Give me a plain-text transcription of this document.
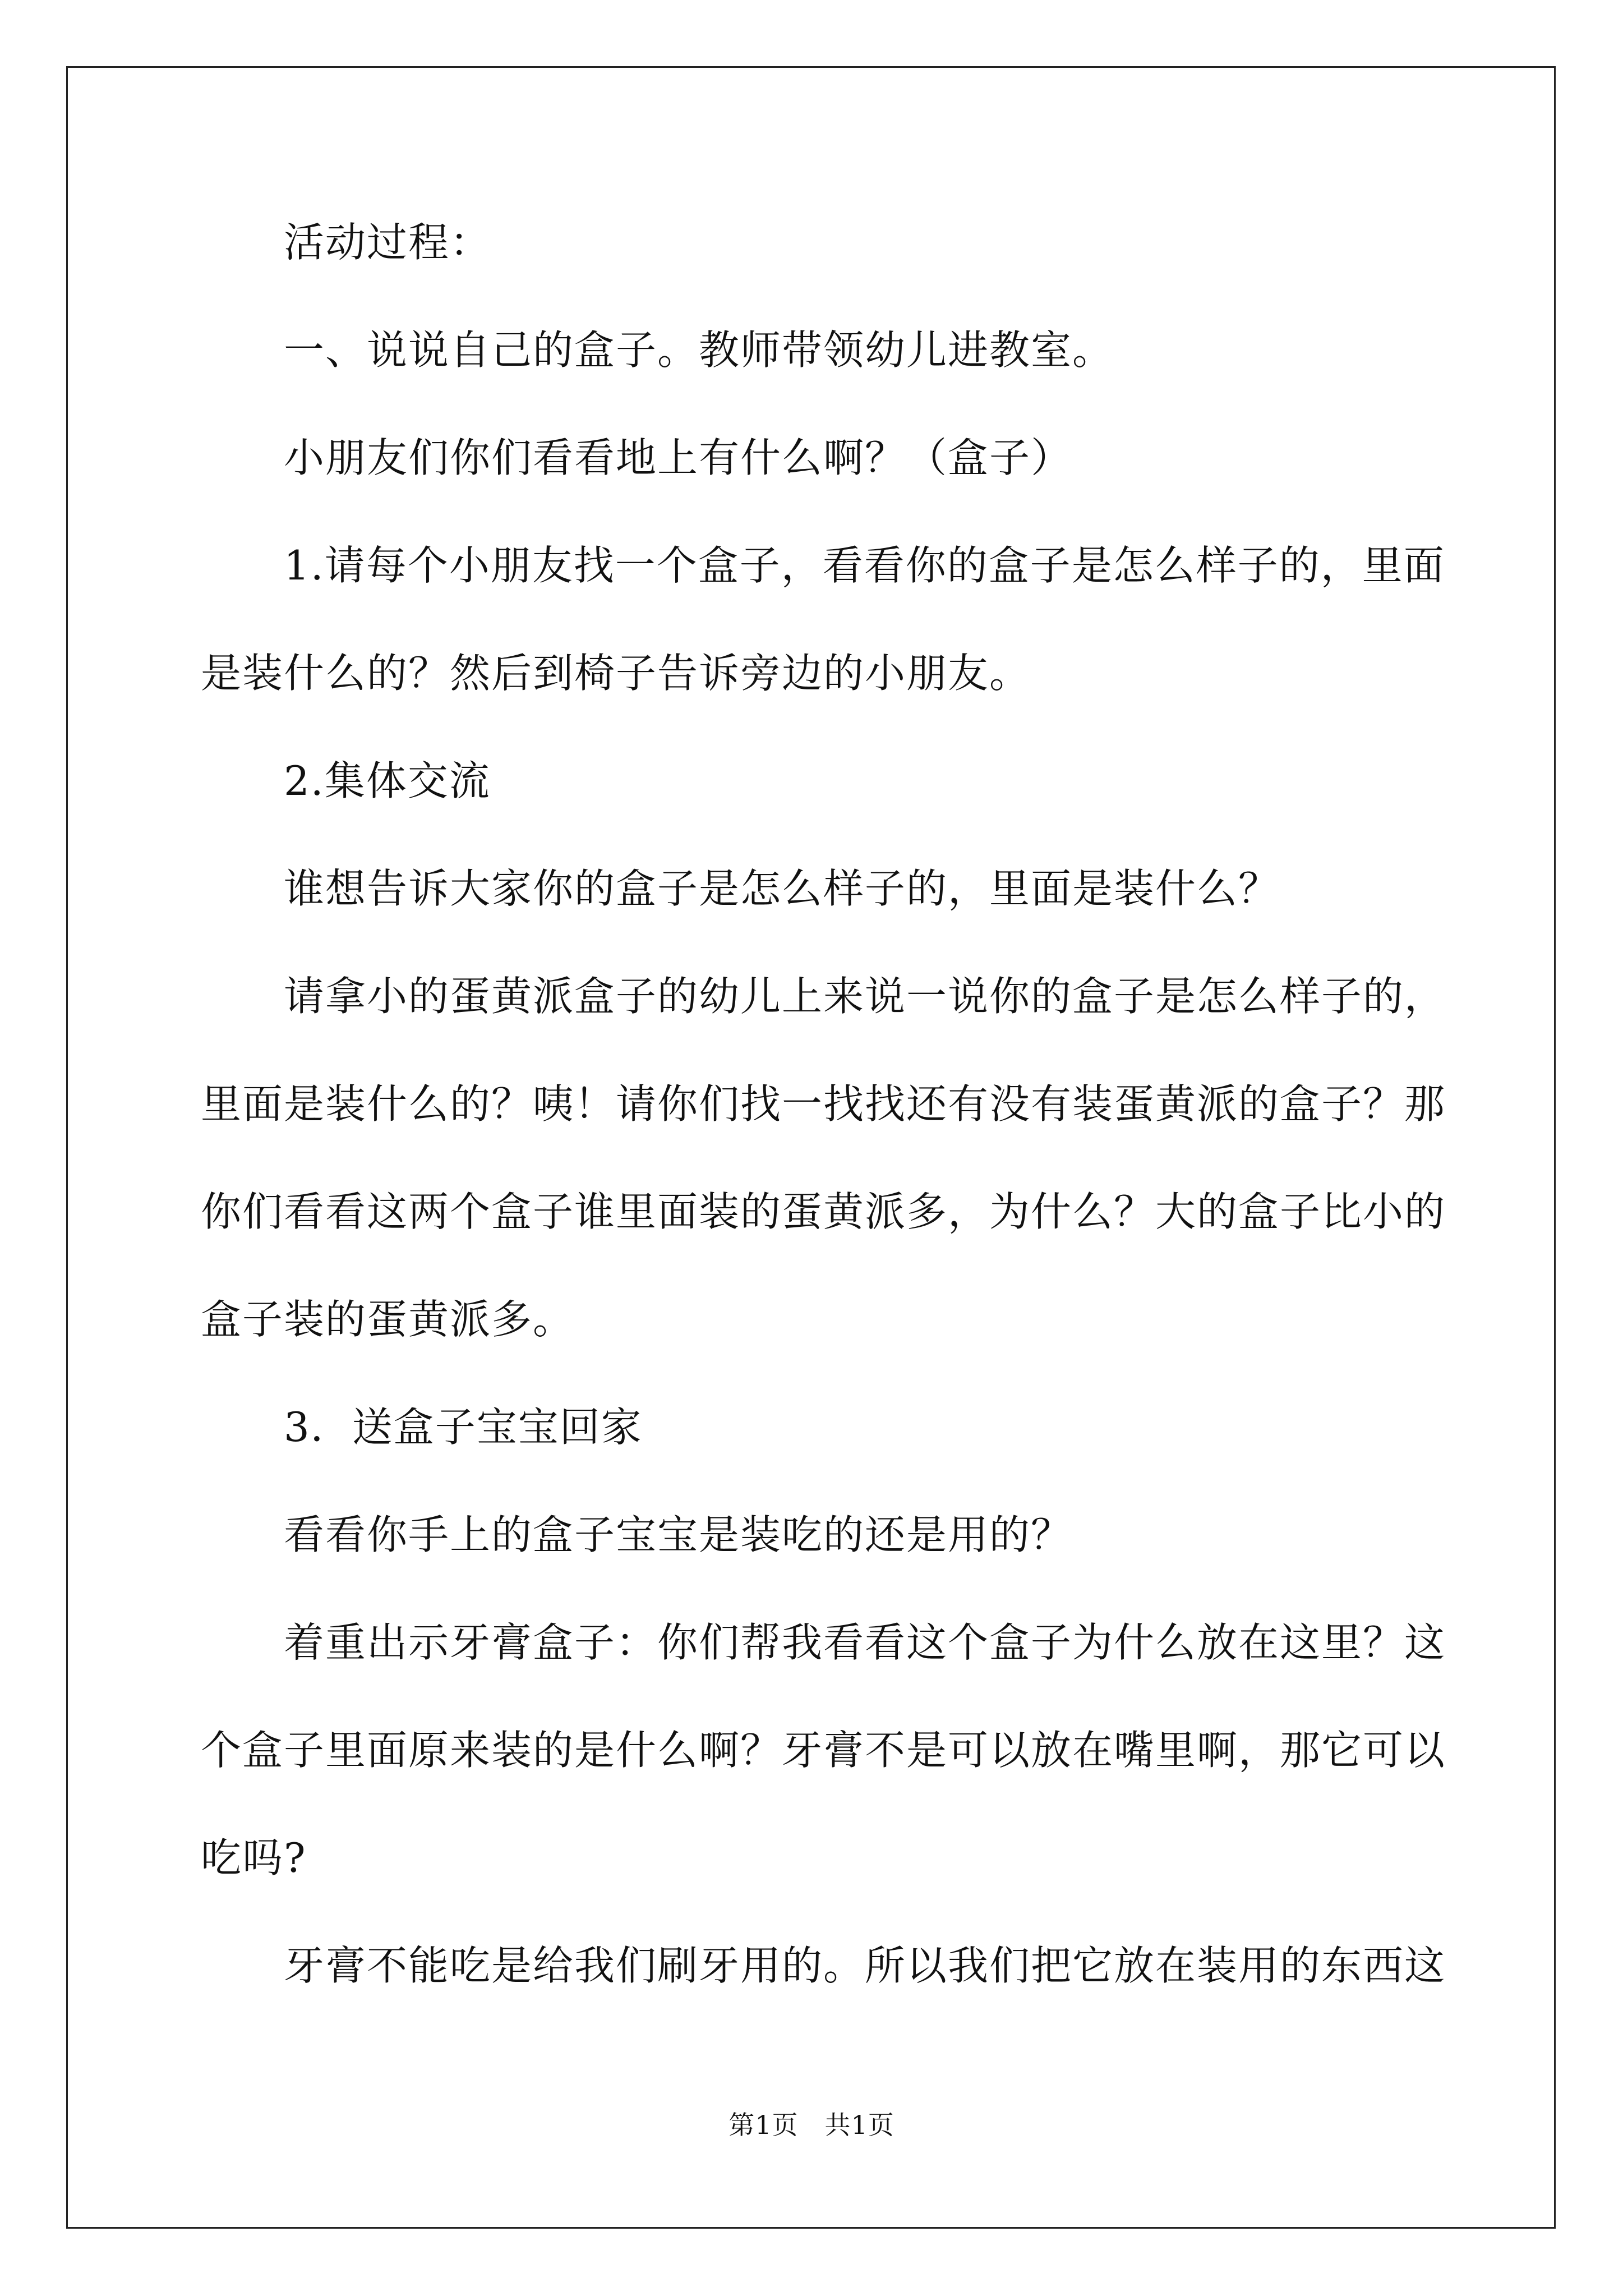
活动过程：
一、说说自己的盒子。教师带领幼儿进教室。
小朋友们你们看看地上有什么啊？（盒子）
1.请每个小朋友找一个盒子，看看你的盒子是怎么样子的，里面
是装什么的？然后到椅子告诉旁边的小朋友。
2.集体交流
谁想告诉大家你的盒子是怎么样子的，里面是装什么？
请拿小的蛋黄派盒子的幼儿上来说一说你的盒子是怎么样子的，
里面是装什么的？咦！请你们找一找找还有没有装蛋黄派的盒子？那
你们看看这两个盒子谁里面装的蛋黄派多，为什么？大的盒子比小的
盒子装的蛋黄派多。
3．送盒子宝宝回家
看看你手上的盒子宝宝是装吃的还是用的？
着重出示牙膏盒子：你们帮我看看这个盒子为什么放在这里？这
个盒子里面原来装的是什么啊？牙膏不是可以放在嘴里啊，那它可以
吃吗?
牙膏不能吃是给我们刷牙用的。所以我们把它放在装用的东西这
第1页　共1页
